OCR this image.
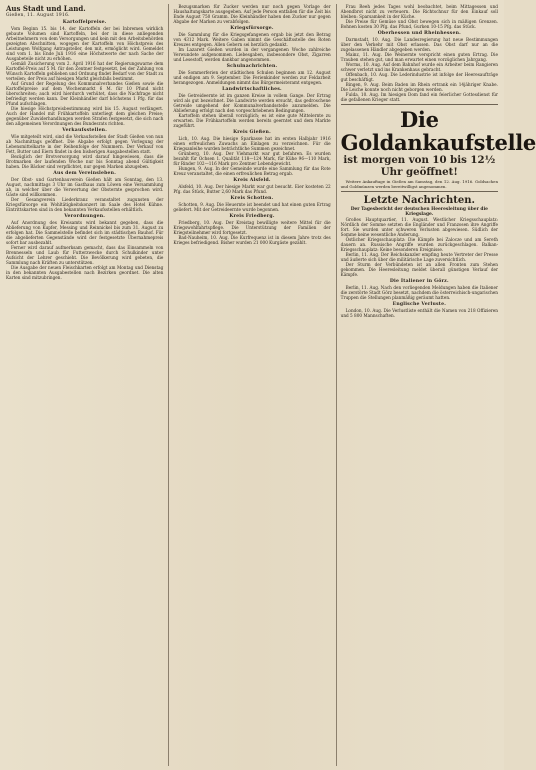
Aus Stadt und Land.
Gießen, 11. August 1916.
Kartoffelpreise.

Vom Beginn 15. bis 14. der Kartoffeln der bei Inbremen wirklich gebaute Volumen sind Kartoffeln, bei der in diese anliegenden Arbeitnehmern von dem Versorgungen und kein mit den Arbeitsbehörden gezeigten Abschnitten, wogegen der Kartoffeln von Höchstpreis des Leistungen Wolfgang Antragsteller, den mit, ermöglicht wird. Gemeldet sind vom 1. bis Ende Juli 1916 eine Höchstwerte der nach Sache der Ausgabeteile nicht zu erhöhen.

Gemäß Zusicherung vom 2. April 1916 hat der Regierungswarne dem Kartoffel-Preis auf 5 M. für den Zentner festgesetzt, bei der Zahlung von Wünsch Kartoffeln geblieben und Ordnung findet Bedarf von der Stadt zu verteilen; der Preis auf hiesigen Markt gleichfalls bestimmt.

Auf Grund der Regelung des Kommunalverbandes Gießen sowie die Kartoffelpreise auf dem Wochenmarkt 6 M. für 10 Pfund nicht überschreiten; auch wird hierdurch verhütet, dass die Nachfrage nicht befriedigt werden kann. Der Kleinhändler darf höchstens 1 Pfg. für das Pfund aufschlagen.

Die hiesige Höchstpreisbestimmung wird bis 15. August verlängert. Auch der Handel mit Frühkartoffeln unterliegt dem gleichen Preise; gegenüber Zuwiderhandlungen werden Strafen festgesetzt, die sich nach den allgemeinen Verordnungen des Bundesrats richten.

Verkaufsstellen.

Wie mitgeteilt wird, sind die Verkaufsstellen der Stadt Gießen von nun ab Nachmittags geöffnet. Die Abgabe erfolgt gegen Vorlegung der Lebensmittelkarte in der Reihenfolge der Nummern. Der Verkauf von Fett, Butter und Eiern findet in den bisherigen Ausgabestellen statt.

Bezüglich der Brotversorgung wird darauf hingewiesen, dass die Brotmarken der laufenden Woche nur bis Sonntag abend Gültigkeit haben. Die Bäcker sind verpflichtet, nur gegen Marken abzugeben.

Aus dem Vereinsleben.

Der Obst- und Gartenbauverein Gießen hält am Sonntag, den 13. August, nachmittags 3 Uhr im Gasthaus zum Löwen eine Versammlung ab, in welcher über die Verwertung der Obsternte gesprochen wird. Gäste sind willkommen.

Der Gesangverein Liederkranz veranstaltet zugunsten der Kriegsfürsorge ein Wohltätigkeitskonzert im Saale des Hotel Kühne. Eintrittskarten sind in den bekannten Verkaufsstellen erhältlich.

Verordnungen.

Auf Anordnung des Kreisamts wird bekannt gegeben, dass die Ablieferung von Kupfer, Messing und Reinnickel bis zum 31. August zu erfolgen hat. Die Sammelstelle befindet sich im städtischen Bauhof. Für die abgelieferten Gegenstände wird der festgesetzte Übernahmepreis sofort bar ausbezahlt.

Ferner wird darauf aufmerksam gemacht, dass das Einsammeln von Brennesseln und Laub für Futterzwecke durch Schulkinder unter Aufsicht der Lehrer geschieht. Die Bevölkerung wird gebeten, die Sammlung nach Kräften zu unterstützen.

Die Ausgabe der neuen Fleischkarten erfolgt am Montag und Dienstag in den bekannten Ausgabestellen nach Bezirken geordnet. Die alten Karten sind mitzubringen.

Bezugsmarken für Zucker werden nur noch gegen Vorlage der Haushaltungskarte ausgegeben. Auf jede Person entfallen für die Zeit bis Ende August 750 Gramm. Die Kleinhändler haben den Zucker nur gegen Abgabe der Marken zu verabfolgen.

Kriegsfürsorge.

Die Sammlung für die Kriegsgefangenen ergab bis jetzt den Betrag von 4312 Mark. Weitere Gaben nimmt die Geschäftsstelle des Roten Kreuzes entgegen. Allen Gebern sei herzlich gedankt.

Im Lazarett Gießen wurden in der vergangenen Woche zahlreiche Verwundete aufgenommen. Liebesgaben, insbesondere Obst, Zigarren und Lesestoff, werden dankbar angenommen.

Schulnachrichten.

Die Sommerferien der städtischen Schulen beginnen am 12. August und endigen am 9. September. Die Ferienkinder werden zur Feldarbeit herangezogen. Anmeldungen nimmt das Bürgermeisteramt entgegen.

Landwirtschaftliches.

Die Getreideernte ist im ganzen Kreise in vollem Gange. Der Ertrag wird als gut bezeichnet. Die Landwirte werden ersucht, das gedroschene Getreide umgehend der Kommunalverbandsstelle anzumelden. Die Ablieferung erfolgt nach den vorgeschriebenen Bedingungen.

Kartoffeln stehen überall vorzüglich; es ist eine gute Mittelernte zu erwarten. Die Frühkartoffeln werden bereits geerntet und dem Markte zugeführt.

Kreis Gießen.

Lich, 10. Aug. Die hiesige Sparkasse hat im ersten Halbjahr 1916 einen erfreulichen Zuwachs an Einlagen zu verzeichnen. Für die Kriegsanleihe wurden beträchtliche Summen gezeichnet.

Grünberg, 10. Aug. Der Viehmarkt war gut befahren. Es wurden bezahlt für Ochsen 1. Qualität 118—124 Mark, für Kühe 96—110 Mark, für Rinder 102—116 Mark pro Zentner Lebendgewicht.

Hungen, 9. Aug. In der Gemeinde wurde eine Sammlung für das Rote Kreuz veranstaltet, die einen erfreulichen Betrag ergab.

Kreis Alsfeld.

Alsfeld, 10. Aug. Der hiesige Markt war gut besucht. Eier kosteten 22 Pfg. das Stück, Butter 2,60 Mark das Pfund.

Kreis Schotten.

Schotten, 9. Aug. Die Heuernte ist beendet und hat einen guten Ertrag geliefert. Mit der Getreideernte wurde begonnen.

Kreis Friedberg.

Friedberg, 10. Aug. Der Kreistag bewilligte weitere Mittel für die Kriegswohlfahrtspflege. Die Unterstützung der Familien der Kriegsteilnehmer wird fortgesetzt.

Bad-Nauheim, 10. Aug. Die Kurfrequenz ist in diesem Jahre trotz des Krieges befriedigend. Bisher wurden 21 000 Kurgäste gezählt.

Frau Reeh jedes Tages wohl beobachtet, beim Mittagessen und Abendbrot nicht zu verteuern. Die Richtschnur für den Einkauf soll bleiben: Sparsamkeit in der Küche.

Die Preise für Gemüse und Obst bewegen sich in mäßigen Grenzen. Bohnen kosten 30 Pfg. das Pfund, Gurken 10-15 Pfg. das Stück.

Oberhessen und Rheinhessen.

Darmstadt, 10. Aug. Die Landesregierung hat neue Bestimmungen über den Verkehr mit Obst erlassen. Das Obst darf nur an die zugelassenen Händler abgegeben werden.

Mainz, 11. Aug. Die Weinernte verspricht einen guten Ertrag. Die Trauben stehen gut, und man erwartet einen vorzüglichen Jahrgang.

Worms, 10. Aug. Auf dem Bahnhof wurde ein Arbeiter beim Rangieren schwer verletzt und ins Krankenhaus gebracht.

Offenbach, 10. Aug. Die Lederindustrie ist infolge der Heeresaufträge gut beschäftigt.

Bingen, 9. Aug. Beim Baden im Rhein ertrank ein 14jähriger Knabe. Die Leiche konnte noch nicht geborgen werden.

Fulda, 10. Aug. Im hiesigen Dom fand ein feierlicher Gottesdienst für die gefallenen Krieger statt.

Die Goldankaufstelle
ist morgen von 10 bis 12½ Uhr geöffnet!

Weitere Ankauftage in Gießen am Samstag, den 12. Aug. 1916. Goldsachen und Goldmünzen werden bereitwilligst angenommen.

Letzte Nachrichten.
Der Tagesbericht der deutschen Heeresleitung über die Kriegslage.

Großes Hauptquartier, 11. August. Westlicher Kriegsschauplatz: Nördlich der Somme setzten die Engländer und Franzosen ihre Angriffe fort. Sie wurden unter schweren Verlusten abgewiesen. Südlich der Somme keine wesentliche Änderung.

Östlicher Kriegsschauplatz: Die Kämpfe bei Zalocze und am Sereth dauern an. Russische Angriffe wurden zurückgeschlagen. Balkan-Kriegsschauplatz: Keine besonderen Ereignisse.

Berlin, 11. Aug. Der Reichskanzler empfing heute Vertreter der Presse und äußerte sich über die militärische Lage zuversichtlich.

Der Sturm der Verbündeten ist an allen Fronten zum Stehen gekommen. Die Heeresleitung meldet überall günstigen Verlauf der Kämpfe.

Die Italiener in Görz.

Berlin, 11. Aug. Nach den vorliegenden Meldungen haben die Italiener die zerstörte Stadt Görz besetzt, nachdem die österreichisch-ungarischen Truppen die Stellungen planmäßig geräumt hatten.

Englische Verluste.

London, 10. Aug. Die Verlustliste enthält die Namen von 218 Offizieren und 5 800 Mannschaften.
